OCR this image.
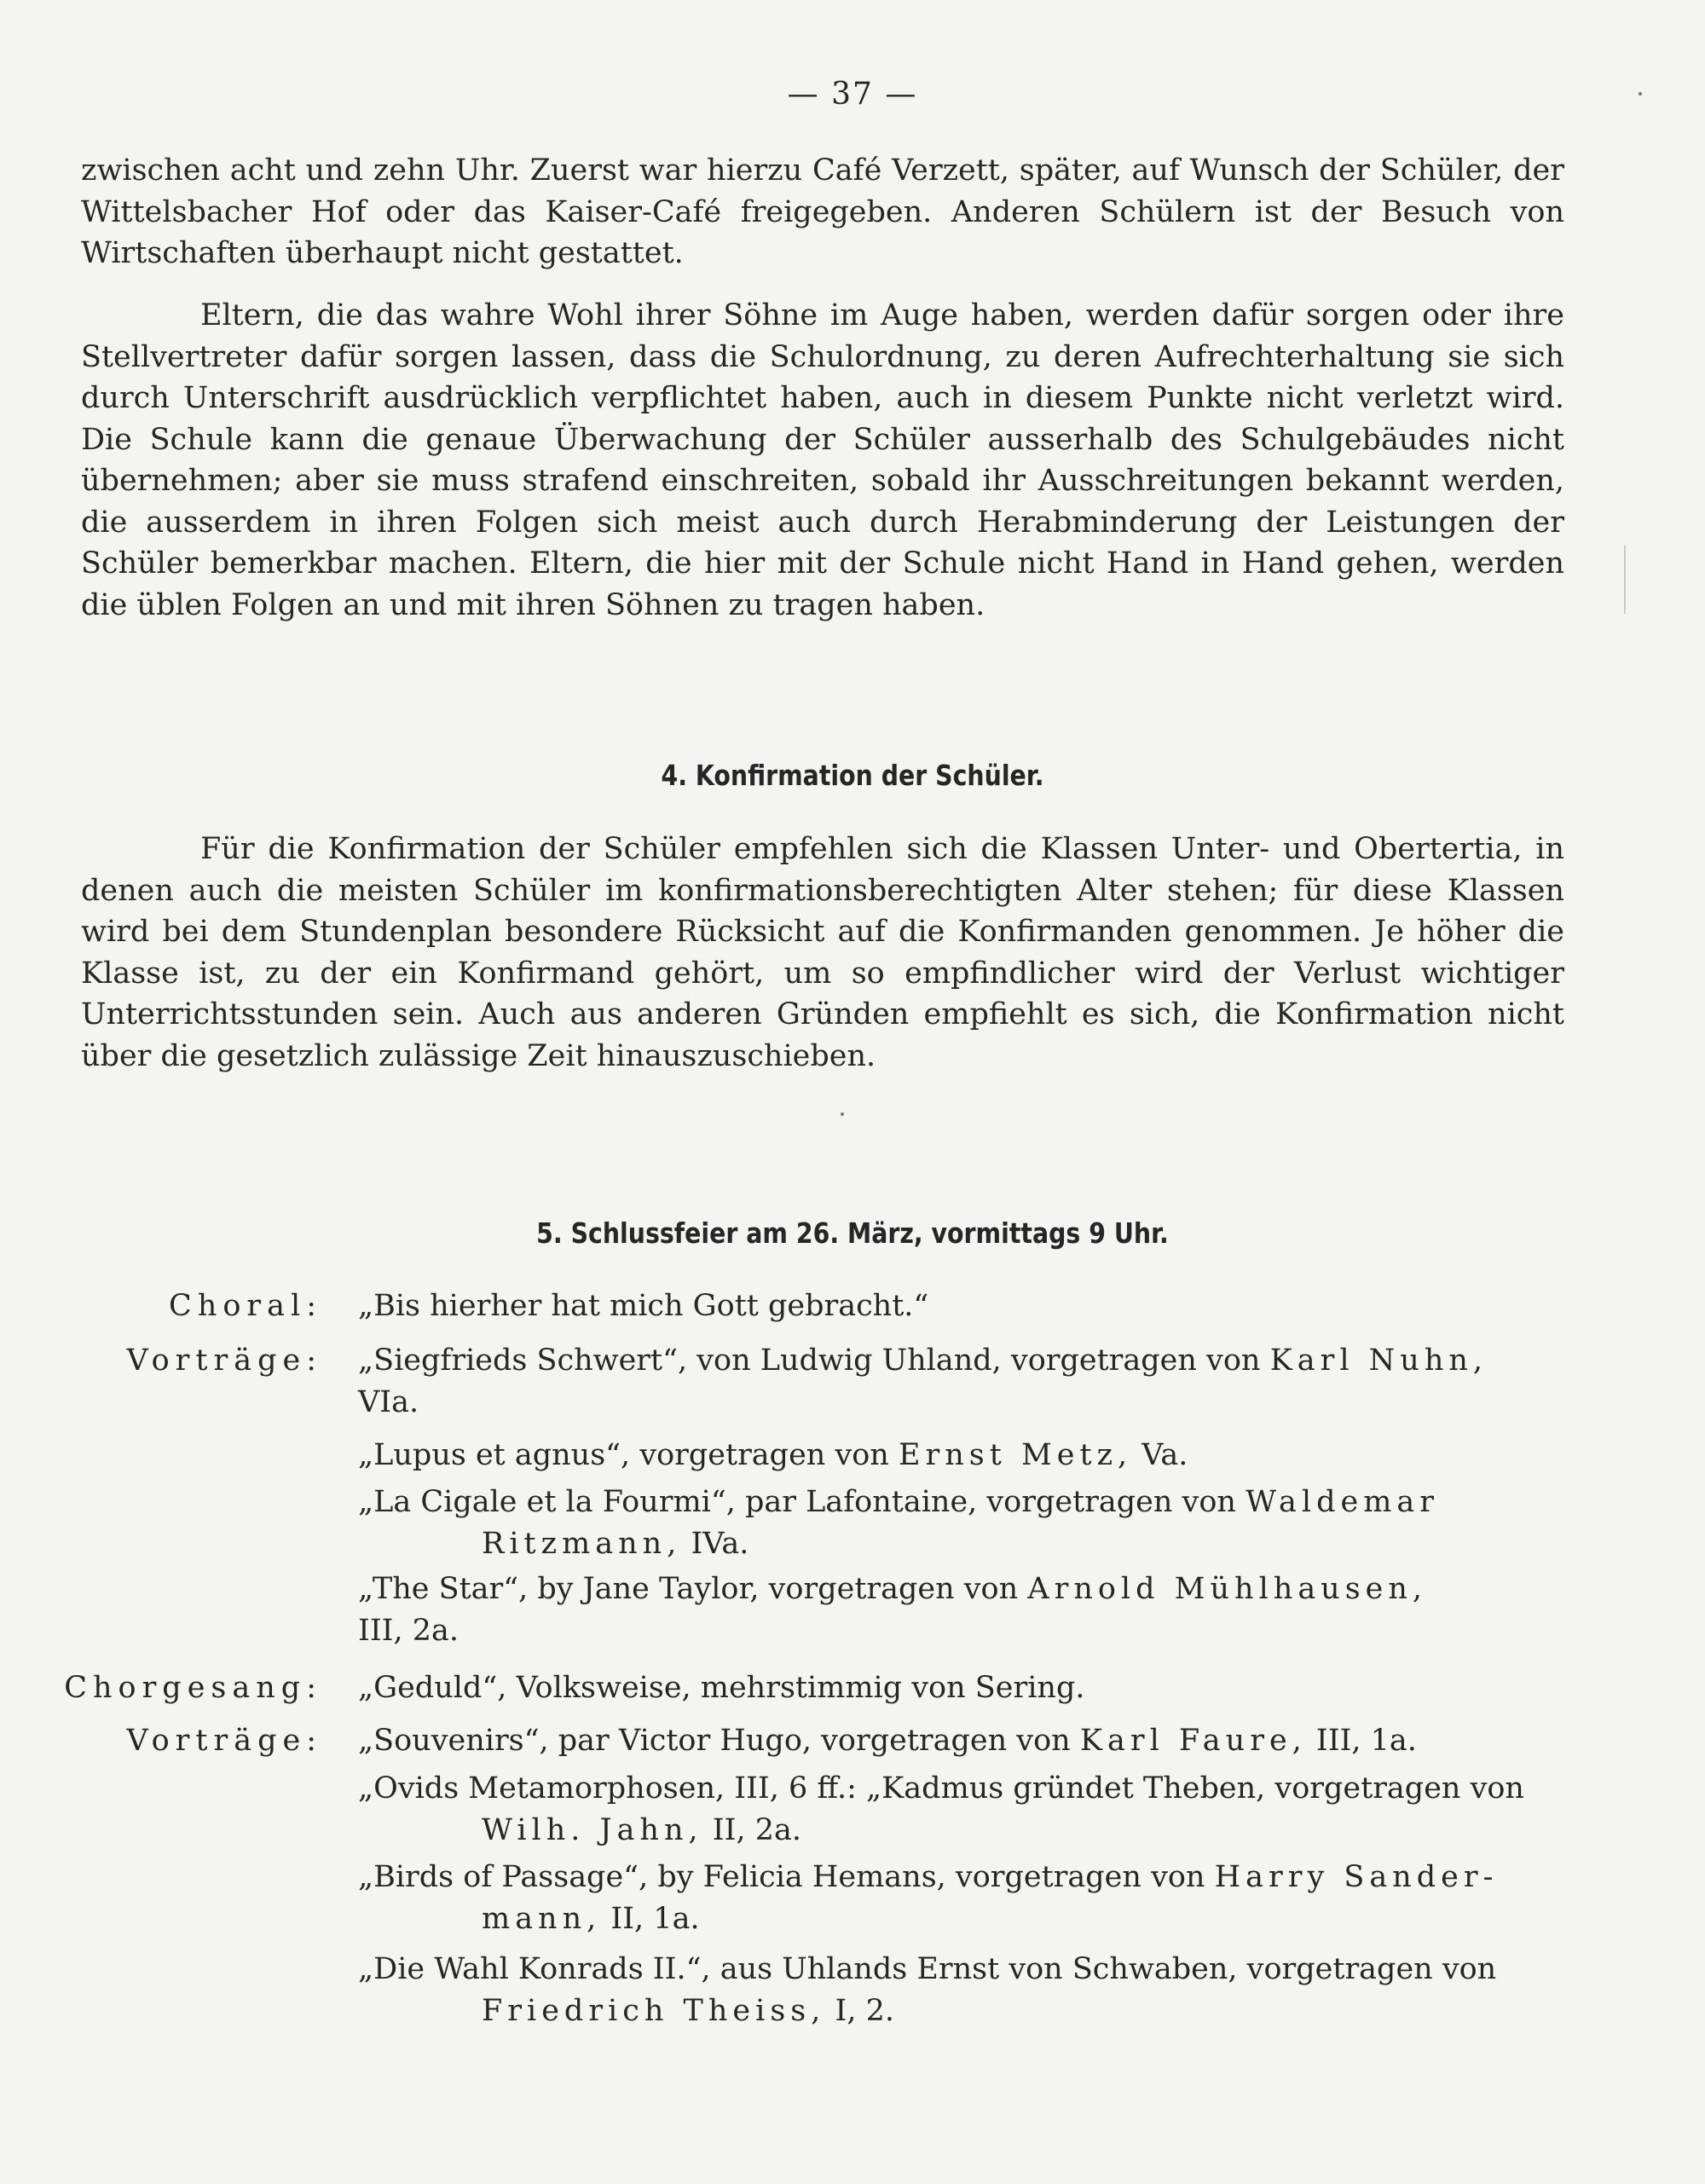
— 37 —

zwischen acht und zehn Uhr. Zuerst war hierzu Café Verzett, später, auf Wunsch der Schüler, der Wittelsbacher Hof oder das Kaiser-Café freigegeben. Anderen Schülern ist der Besuch von Wirtschaften überhaupt nicht gestattet.

Eltern, die das wahre Wohl ihrer Söhne im Auge haben, werden dafür sorgen oder ihre Stellvertreter dafür sorgen lassen, dass die Schulordnung, zu deren Aufrechterhaltung sie sich durch Unterschrift ausdrücklich verpflichtet haben, auch in diesem Punkte nicht verletzt wird. Die Schule kann die genaue Überwachung der Schüler ausserhalb des Schulgebäudes nicht übernehmen; aber sie muss strafend einschreiten, sobald ihr Ausschreitungen bekannt werden, die ausserdem in ihren Folgen sich meist auch durch Herabminderung der Leistungen der Schüler bemerkbar machen. Eltern, die hier mit der Schule nicht Hand in Hand gehen, werden die üblen Folgen an und mit ihren Söhnen zu tragen haben.

4. Konfirmation der Schüler.

Für die Konfirmation der Schüler empfehlen sich die Klassen Unter- und Obertertia, in denen auch die meisten Schüler im konfirmationsberechtigten Alter stehen; für diese Klassen wird bei dem Stundenplan besondere Rücksicht auf die Konfirmanden genommen. Je höher die Klasse ist, zu der ein Konfirmand gehört, um so empfindlicher wird der Verlust wichtiger Unterrichtsstunden sein. Auch aus anderen Gründen empfiehlt es sich, die Konfirmation nicht über die gesetzlich zulässige Zeit hinauszuschieben.

5. Schlussfeier am 26. März, vormittags 9 Uhr.
Choral: „Bis hierher hat mich Gott gebracht.“
Vorträge: „Siegfrieds Schwert“, von Ludwig Uhland, vorgetragen von Karl Nuhn,
VIa.
„Lupus et agnus“, vorgetragen von Ernst Metz, Va.
„La Cigale et la Fourmi“, par Lafontaine, vorgetragen von Waldemar
Ritzmann, IVa.
„The Star“, by Jane Taylor, vorgetragen von Arnold Mühlhausen,
III, 2a.
Chorgesang: „Geduld“, Volksweise, mehrstimmig von Sering.
Vorträge: „Souvenirs“, par Victor Hugo, vorgetragen von Karl Faure, III, 1a.
„Ovids Metamorphosen, III, 6 ff.: „Kadmus gründet Theben, vorgetragen von
Wilh. Jahn, II, 2a.
„Birds of Passage“, by Felicia Hemans, vorgetragen von Harry Sander-
mann, II, 1a.
„Die Wahl Konrads II.“, aus Uhlands Ernst von Schwaben, vorgetragen von
Friedrich Theiss, I, 2.
